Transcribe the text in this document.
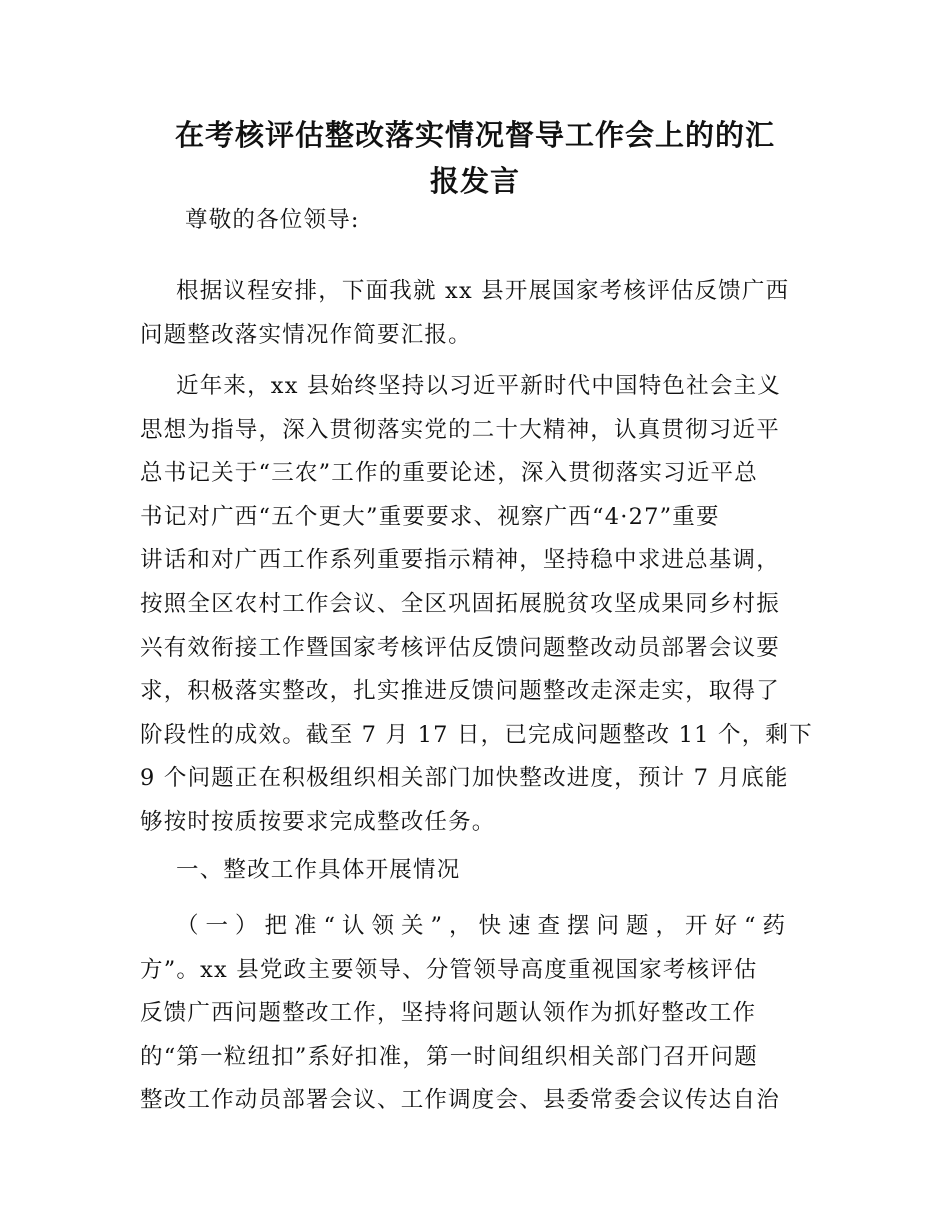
在考核评估整改落实情况督导工作会上的的汇
报发言

尊敬的各位领导:

根据议程安排，下面我就 xx 县开展国家考核评估反馈广西
问题整改落实情况作简要汇报。
近年来，xx 县始终坚持以习近平新时代中国特色社会主义
思想为指导，深入贯彻落实党的二十大精神，认真贯彻习近平
总书记关于“三农”工作的重要论述，深入贯彻落实习近平总
书记对广西“五个更大”重要要求、视察广西“4·27”重要
讲话和对广西工作系列重要指示精神，坚持稳中求进总基调，
按照全区农村工作会议、全区巩固拓展脱贫攻坚成果同乡村振
兴有效衔接工作暨国家考核评估反馈问题整改动员部署会议要
求，积极落实整改，扎实推进反馈问题整改走深走实，取得了
阶段性的成效。截至 7 月 17 日，已完成问题整改 11 个，剩下
9 个问题正在积极组织相关部门加快整改进度，预计 7 月底能
够按时按质按要求完成整改任务。

一、整改工作具体开展情况

（一）把准“认领关”，快速查摆问题，开好“药
方”。xx 县党政主要领导、分管领导高度重视国家考核评估
反馈广西问题整改工作，坚持将问题认领作为抓好整改工作
的“第一粒纽扣”系好扣准，第一时间组织相关部门召开问题
整改工作动员部署会议、工作调度会、县委常委会议传达自治
